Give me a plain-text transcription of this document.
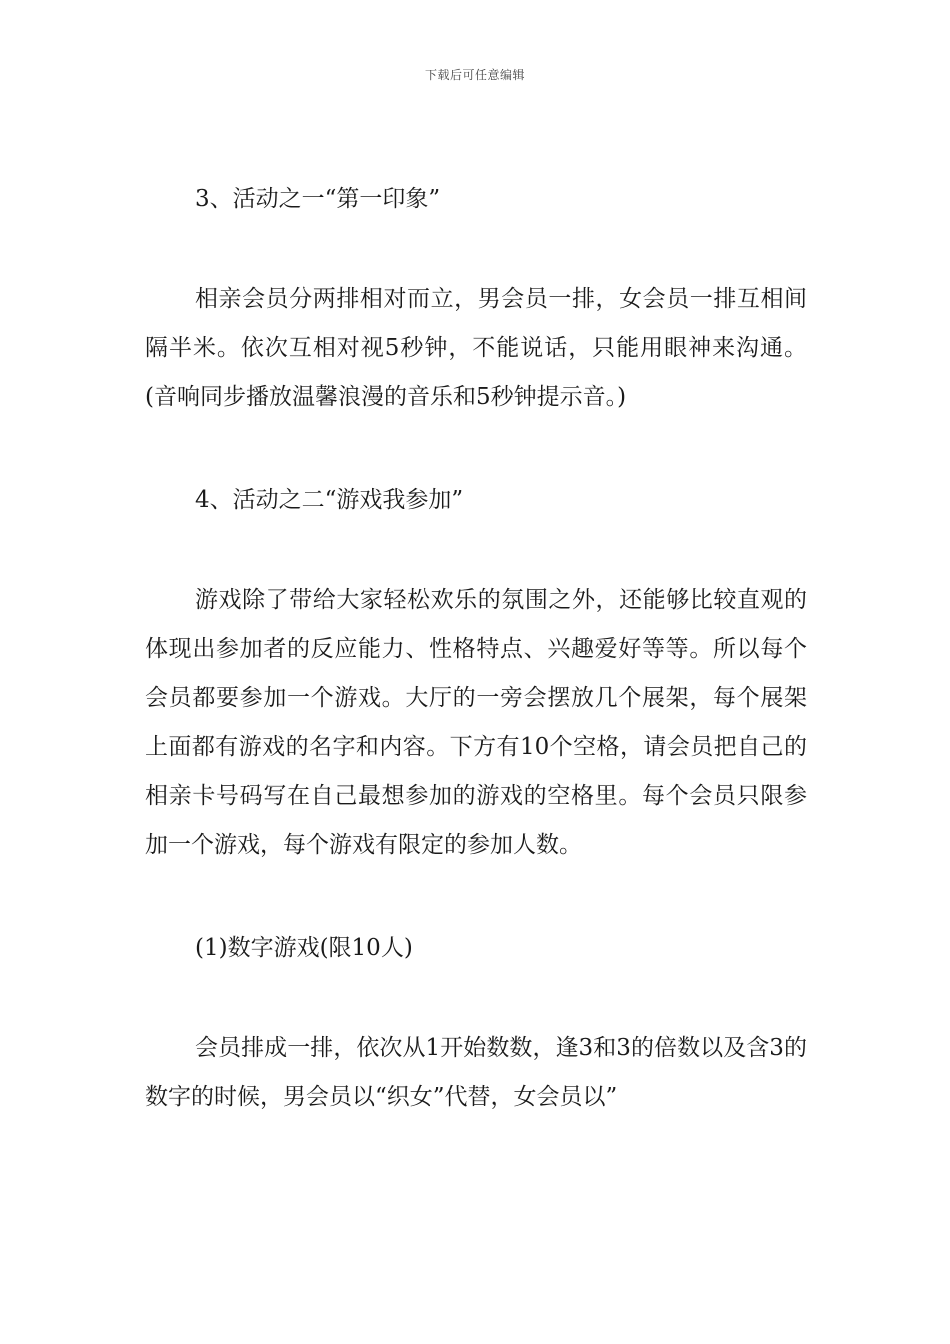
下载后可任意编辑

3、活动之一“第一印象”

相亲会员分两排相对而立，男会员一排，女会员一排互相间隔半米。依次互相对视5秒钟，不能说话，只能用眼神来沟通。(音响同步播放温馨浪漫的音乐和5秒钟提示音。)

4、活动之二“游戏我参加”

游戏除了带给大家轻松欢乐的氛围之外，还能够比较直观的体现出参加者的反应能力、性格特点、兴趣爱好等等。所以每个会员都要参加一个游戏。大厅的一旁会摆放几个展架，每个展架上面都有游戏的名字和内容。下方有10个空格，请会员把自己的相亲卡号码写在自己最想参加的游戏的空格里。每个会员只限参加一个游戏，每个游戏有限定的参加人数。

(1)数字游戏(限10人)

会员排成一排，依次从1开始数数，逢3和3的倍数以及含3的数字的时候，男会员以“织女”代替，女会员以”
